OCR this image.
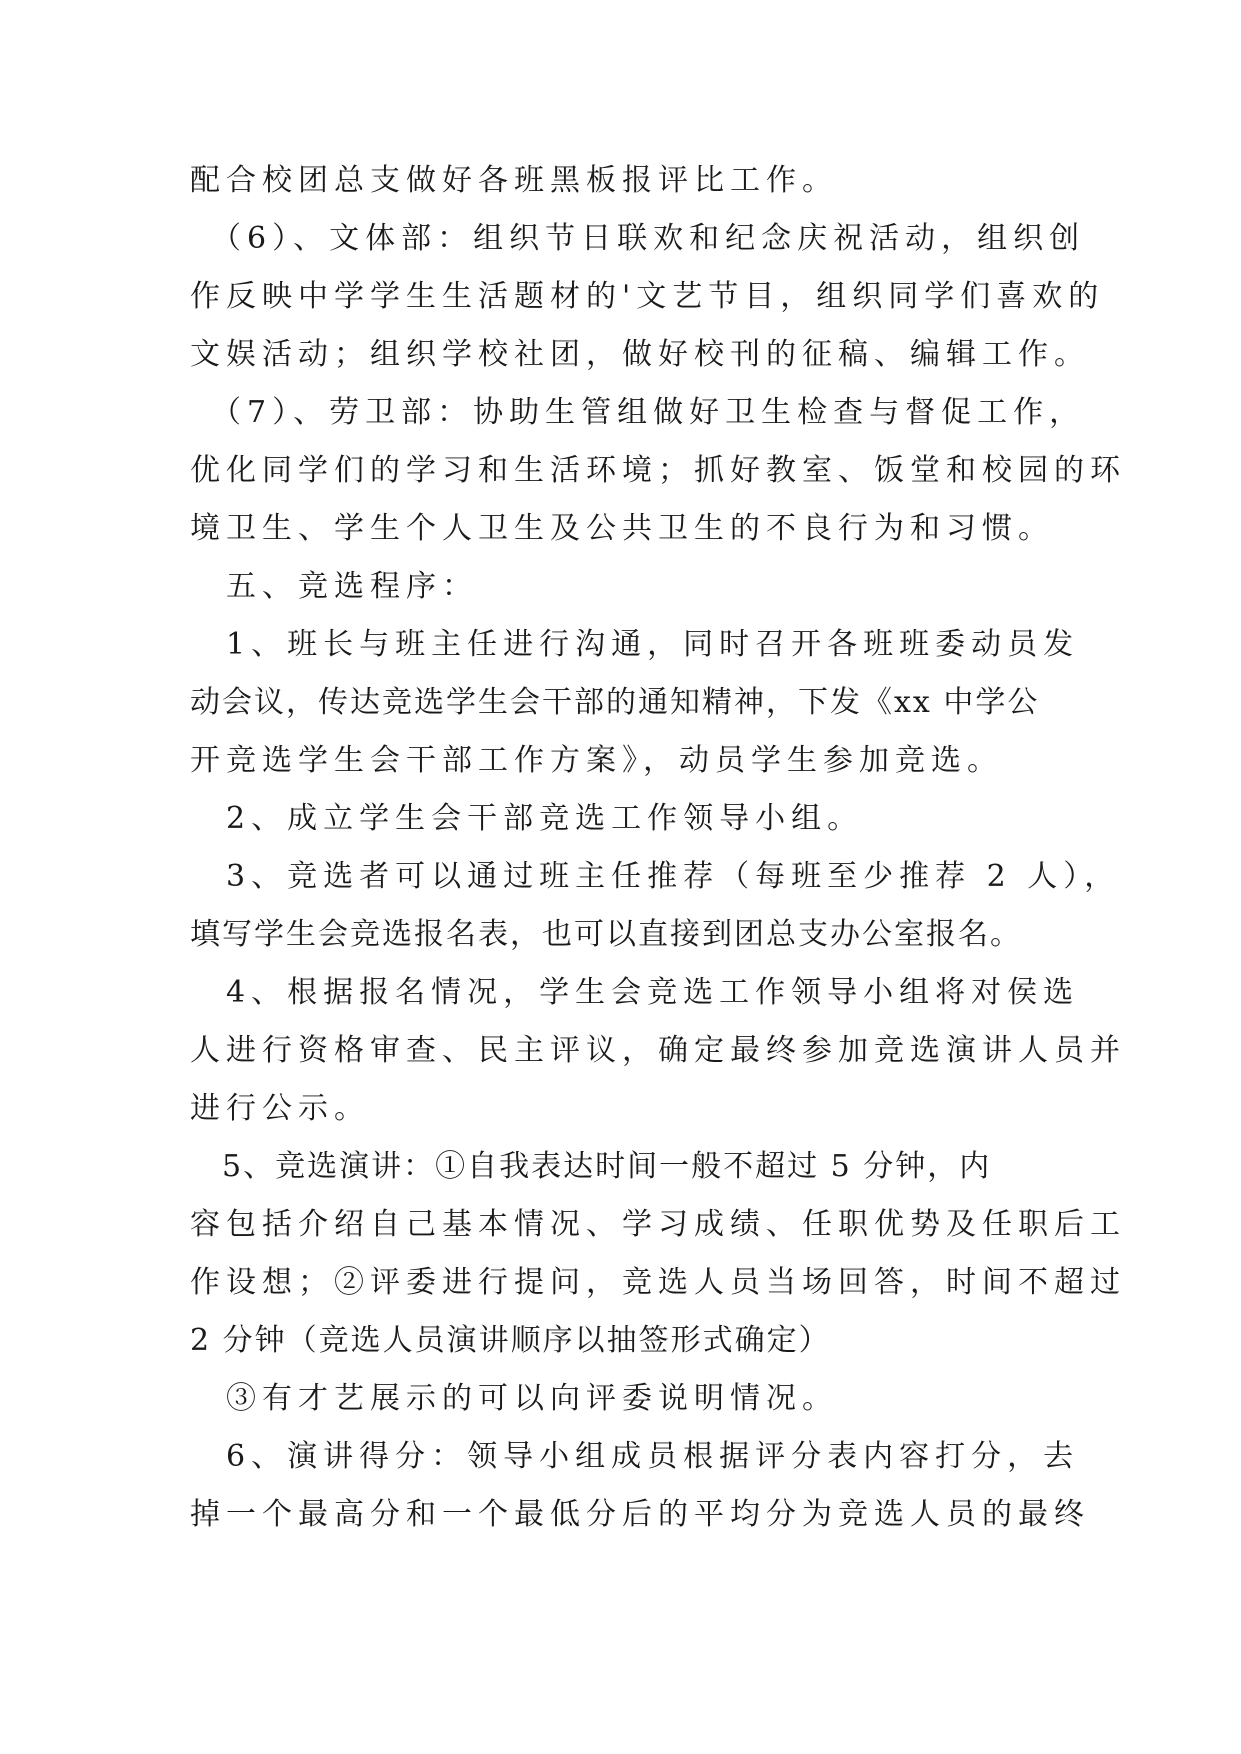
配合校团总支做好各班黑板报评比工作。
　（6）、文体部：组织节日联欢和纪念庆祝活动，组织创
作反映中学学生生活题材的'文艺节目，组织同学们喜欢的
文娱活动；组织学校社团，做好校刊的征稿、编辑工作。
　（7）、劳卫部：协助生管组做好卫生检查与督促工作，
优化同学们的学习和生活环境；抓好教室、饭堂和校园的环
境卫生、学生个人卫生及公共卫生的不良行为和习惯。
　五、竞选程序：
　1、班长与班主任进行沟通，同时召开各班班委动员发
动会议，传达竞选学生会干部的通知精神，下发《xx 中学公
开竞选学生会干部工作方案》，动员学生参加竞选。
　2、成立学生会干部竞选工作领导小组。
　3、竞选者可以通过班主任推荐（每班至少推荐 2 人），
填写学生会竞选报名表，也可以直接到团总支办公室报名。
　4、根据报名情况，学生会竞选工作领导小组将对侯选
人进行资格审查、民主评议，确定最终参加竞选演讲人员并
进行公示。
　5、竞选演讲：①自我表达时间一般不超过 5 分钟，内
容包括介绍自己基本情况、学习成绩、任职优势及任职后工
作设想；②评委进行提问，竞选人员当场回答，时间不超过
2 分钟（竞选人员演讲顺序以抽签形式确定）
　③有才艺展示的可以向评委说明情况。
　6、演讲得分：领导小组成员根据评分表内容打分，去
掉一个最高分和一个最低分后的平均分为竞选人员的最终
